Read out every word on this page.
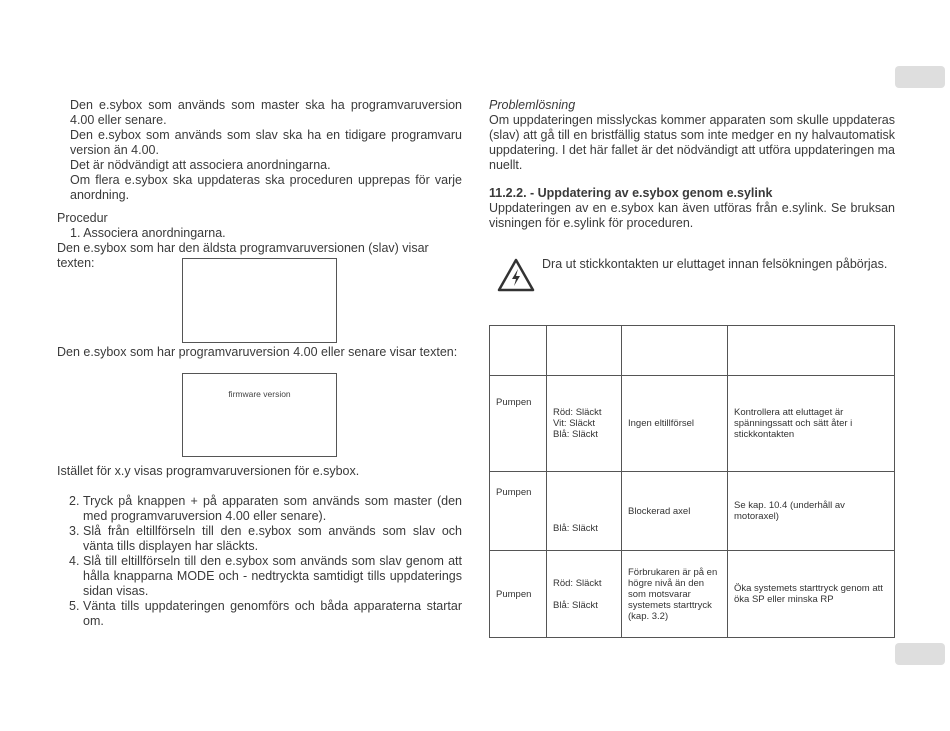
Den e.sybox som används som master ska ha programvaruversion 4.00 eller senare.

Den e.sybox som används som slav ska ha en tidigare programvaru version än 4.00.

Det är nödvändigt att associera anordningarna.

Om flera e.sybox ska uppdateras ska proceduren upprepas för varje anordning.

Procedur

1. Associera anordningarna.

Den e.sybox som har den äldsta programvaruversionen (slav) visar texten:

Den e.sybox som har programvaruversion 4.00 eller senare visar texten:

firmware version

Istället för x.y visas programvaruversionen för e.sybox.

2. Tryck på knappen + på apparaten som används som master (den med programvaruversion 4.00 eller senare).
3. Slå från eltillförseln till den e.sybox som används som slav och vänta tills displayen har släckts.
4. Slå till eltillförseln till den e.sybox som används som slav genom att hålla knapparna MODE och - nedtryckta samtidigt tills uppdaterings sidan visas.
5. Vänta tills uppdateringen genomförs och båda apparaterna startar om.

Problemlösning

Om uppdateringen misslyckas kommer apparaten som skulle uppdateras (slav) att gå till en bristfällig status som inte medger en ny halvautomatisk uppdatering. I det här fallet är det nödvändigt att utföra uppdateringen ma nuellt.

11.2.2. - Uppdatering av e.sybox genom e.sylink

Uppdateringen av en e.sybox kan även utföras från e.sylink. Se bruksan visningen för e.sylink för proceduren.

Dra ut stickkontakten ur eluttaget innan felsökningen påbörjas.

Pumpen	Röd: Släckt
Vit: Släckt
Blå: Släckt	Ingen eltillförsel	Kontrollera att eluttaget är spänningssatt och sätt åter i stickkontakten
Pumpen	Blå: Släckt	Blockerad axel	Se kap. 10.4 (underhåll av motoraxel)
Pumpen	Röd: Släckt
Blå: Släckt	Förbrukaren är på en högre nivå än den som motsvarar systemets starttryck (kap. 3.2)	Öka systemets starttryck genom att öka SP eller minska RP
